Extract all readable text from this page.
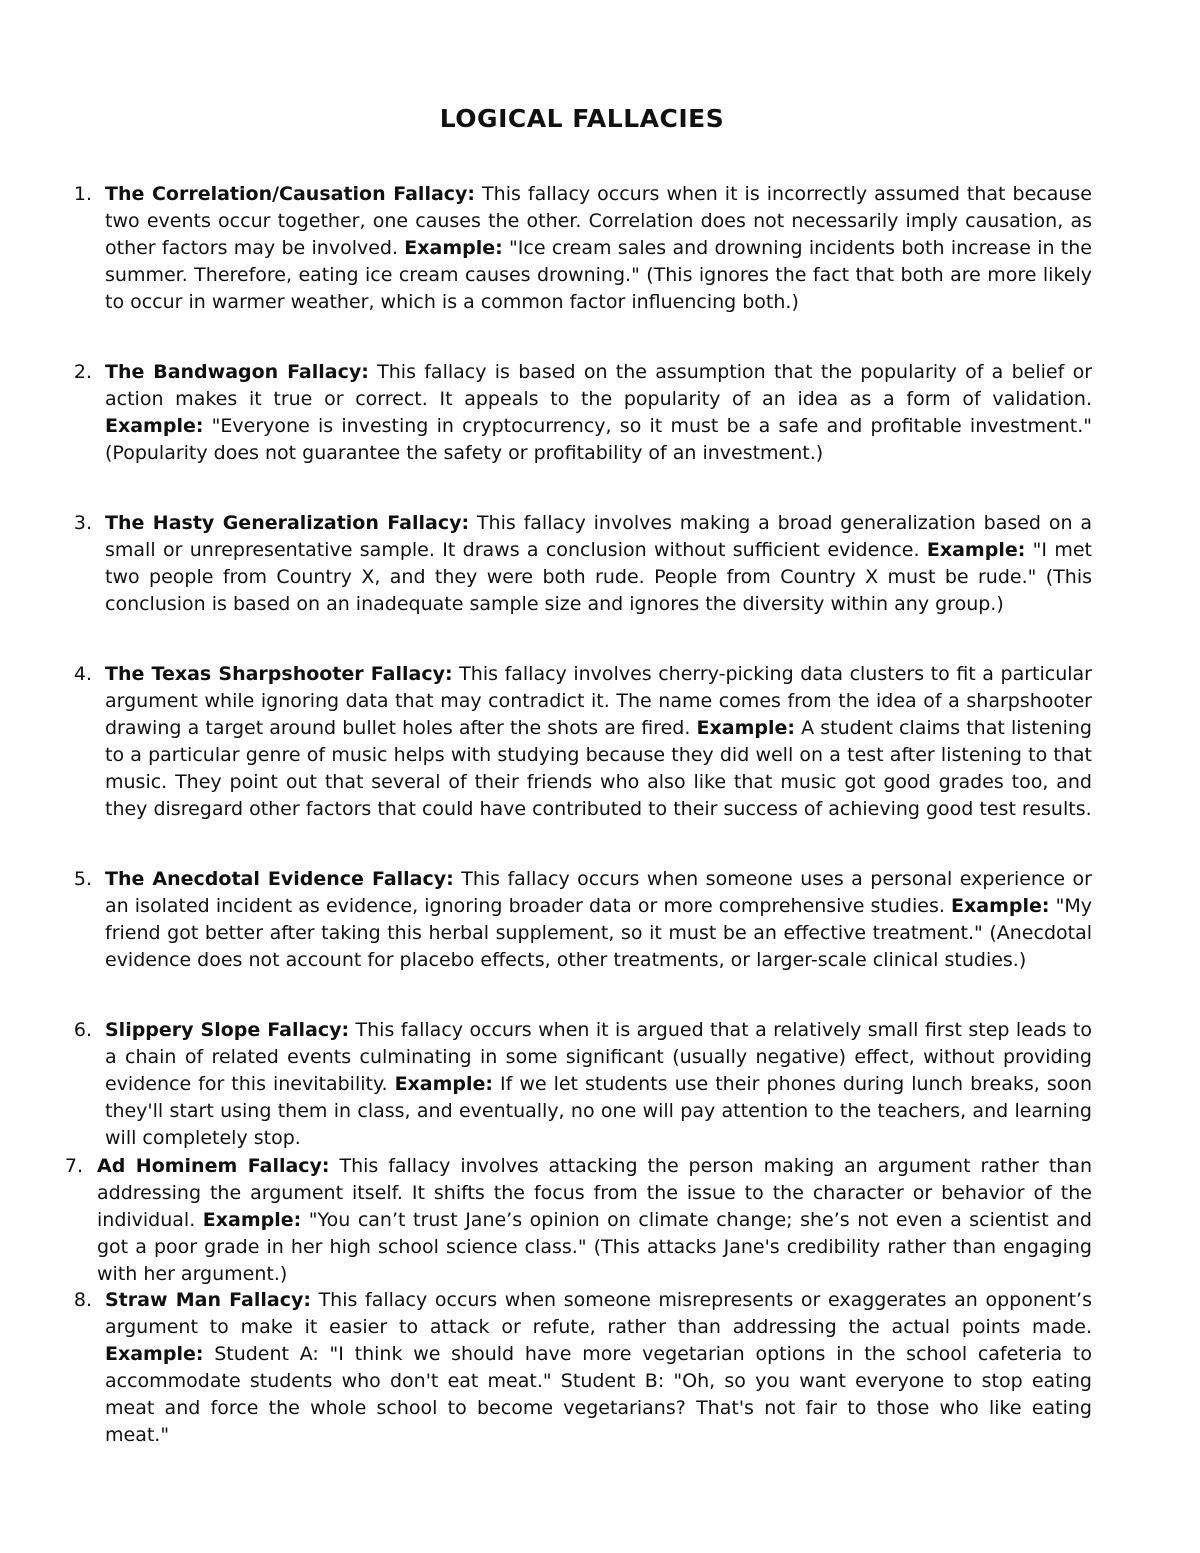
LOGICAL FALLACIES
1. The Correlation/Causation Fallacy: This fallacy occurs when it is incorrectly assumed that because two events occur together, one causes the other. Correlation does not necessarily imply causation, as other factors may be involved. Example: "Ice cream sales and drowning incidents both increase in the summer. Therefore, eating ice cream causes drowning." (This ignores the fact that both are more likely to occur in warmer weather, which is a common factor influencing both.)
2. The Bandwagon Fallacy: This fallacy is based on the assumption that the popularity of a belief or action makes it true or correct. It appeals to the popularity of an idea as a form of validation. Example: "Everyone is investing in cryptocurrency, so it must be a safe and profitable investment." (Popularity does not guarantee the safety or profitability of an investment.)
3. The Hasty Generalization Fallacy: This fallacy involves making a broad generalization based on a small or unrepresentative sample. It draws a conclusion without sufficient evidence. Example: "I met two people from Country X, and they were both rude. People from Country X must be rude." (This conclusion is based on an inadequate sample size and ignores the diversity within any group.)
4. The Texas Sharpshooter Fallacy: This fallacy involves cherry-picking data clusters to fit a particular argument while ignoring data that may contradict it. The name comes from the idea of a sharpshooter drawing a target around bullet holes after the shots are fired. Example: A student claims that listening to a particular genre of music helps with studying because they did well on a test after listening to that music. They point out that several of their friends who also like that music got good grades too, and they disregard other factors that could have contributed to their success of achieving good test results.
5. The Anecdotal Evidence Fallacy: This fallacy occurs when someone uses a personal experience or an isolated incident as evidence, ignoring broader data or more comprehensive studies. Example: "My friend got better after taking this herbal supplement, so it must be an effective treatment." (Anecdotal evidence does not account for placebo effects, other treatments, or larger-scale clinical studies.)
6. Slippery Slope Fallacy: This fallacy occurs when it is argued that a relatively small first step leads to a chain of related events culminating in some significant (usually negative) effect, without providing evidence for this inevitability. Example: If we let students use their phones during lunch breaks, soon they'll start using them in class, and eventually, no one will pay attention to the teachers, and learning will completely stop.
7. Ad Hominem Fallacy: This fallacy involves attacking the person making an argument rather than addressing the argument itself. It shifts the focus from the issue to the character or behavior of the individual. Example: "You can’t trust Jane’s opinion on climate change; she’s not even a scientist and got a poor grade in her high school science class." (This attacks Jane's credibility rather than engaging with her argument.)
8. Straw Man Fallacy: This fallacy occurs when someone misrepresents or exaggerates an opponent’s argument to make it easier to attack or refute, rather than addressing the actual points made. Example: Student A: "I think we should have more vegetarian options in the school cafeteria to accommodate students who don't eat meat." Student B: "Oh, so you want everyone to stop eating meat and force the whole school to become vegetarians? That's not fair to those who like eating meat."
